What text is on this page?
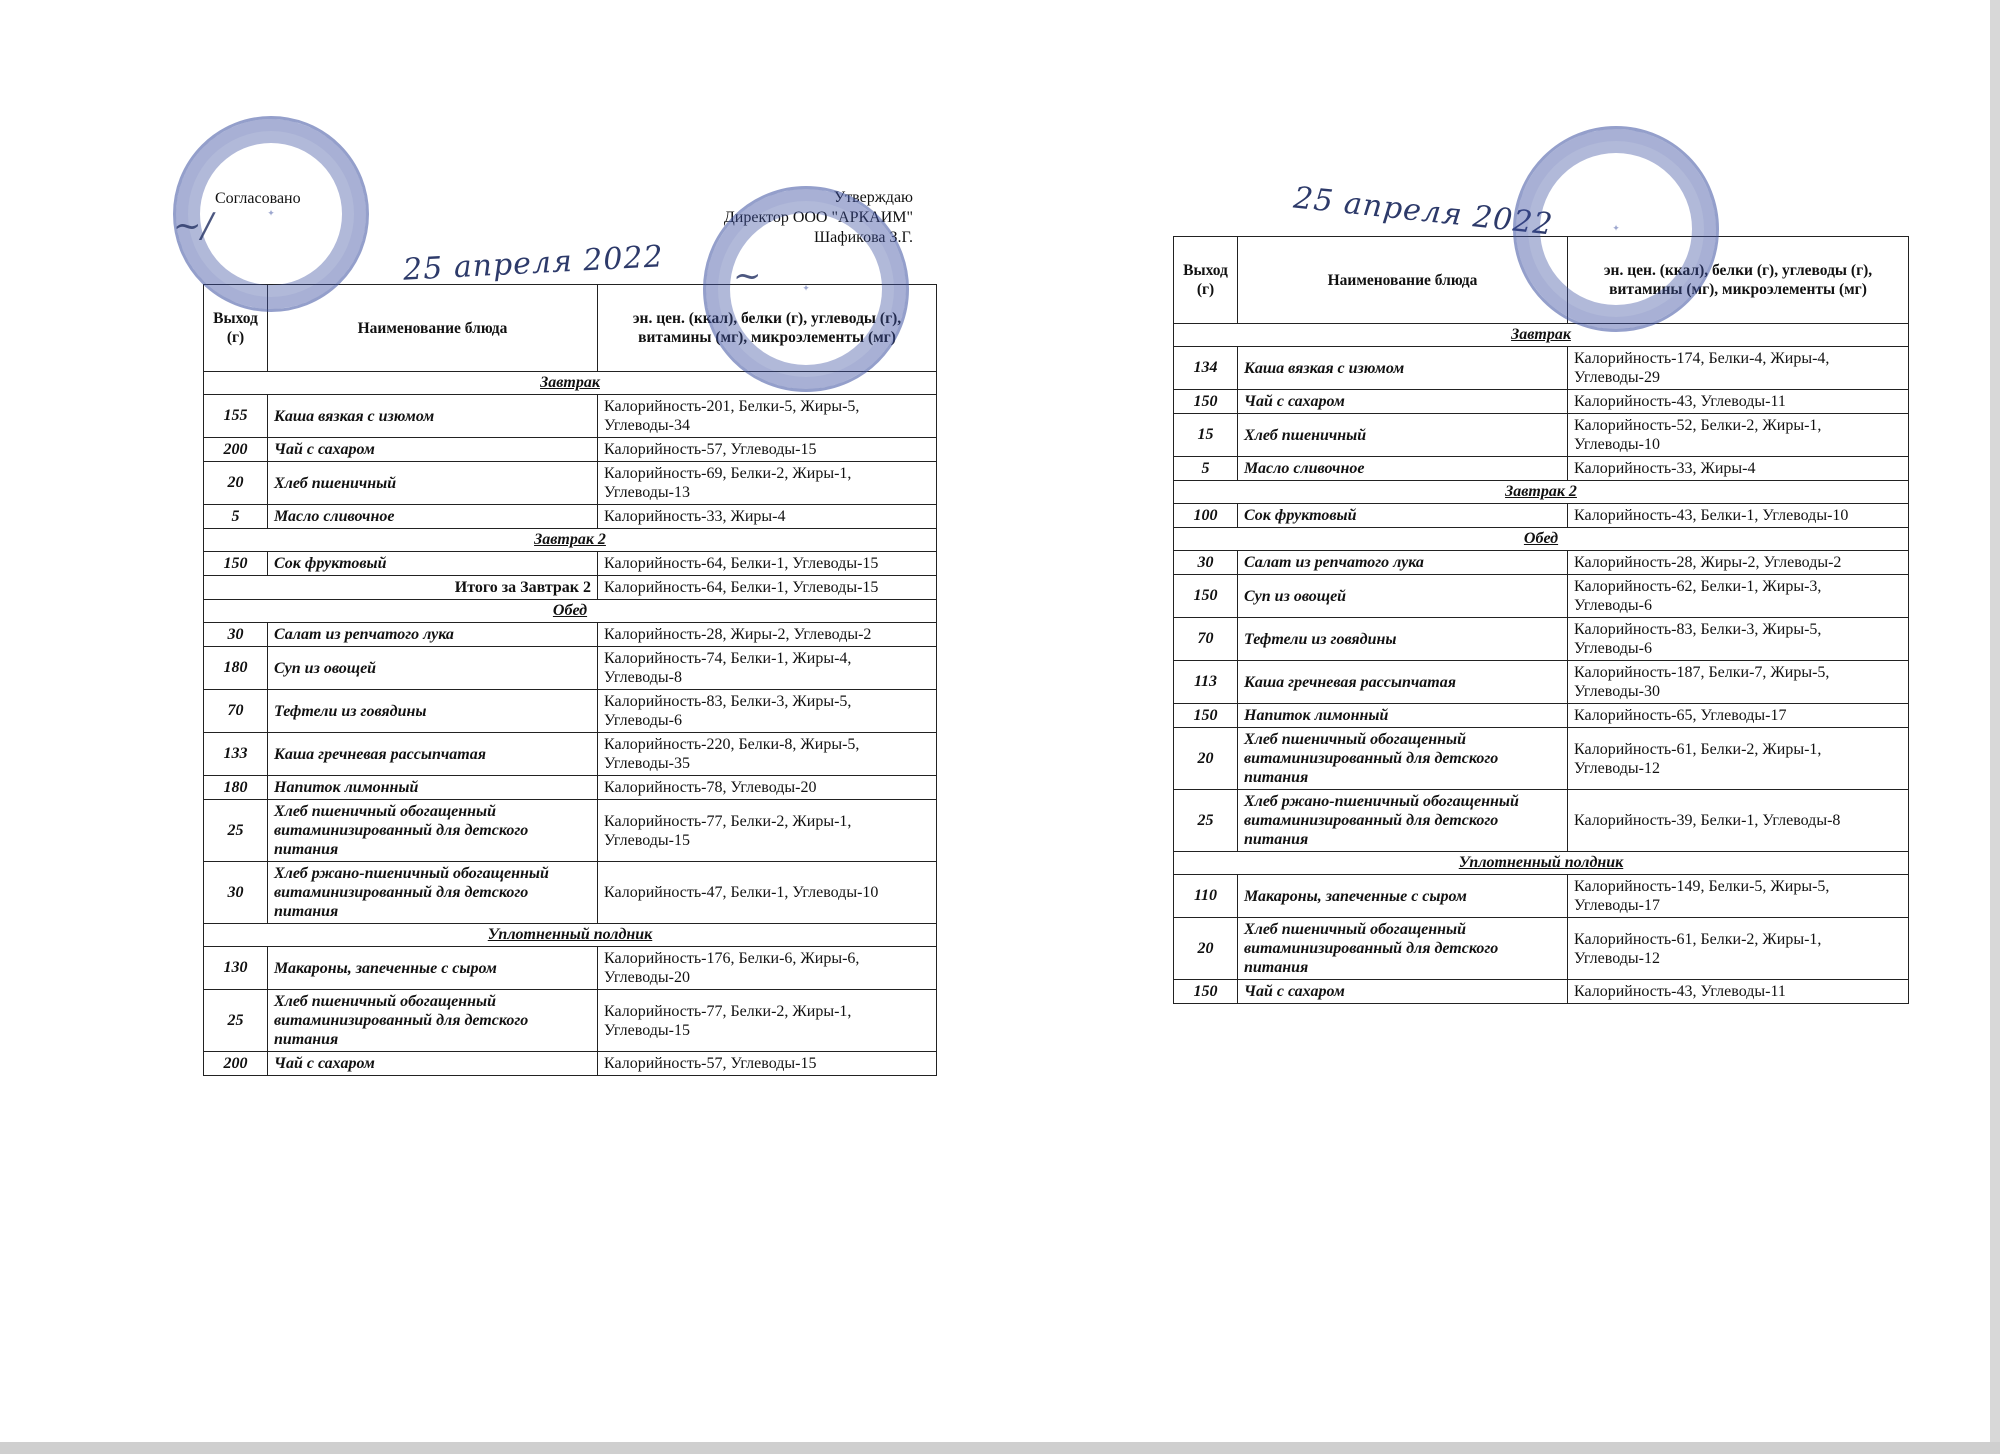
Согласовано	Утверждаю
Директор ООО "АРКАИМ"
Шафикова З.Г.
25 апреля 2022
✦
✦
~/
~
Выход (г)	Наименование блюда	эн. цен. (ккал), белки (г), углеводы (г), витамины (мг), микроэлементы (мг)
Завтрак		
155	Каша вязкая с изюмом	Калорийность-201, Белки-5, Жиры-5, Углеводы-34
200	Чай с сахаром	Калорийность-57, Углеводы-15
20	Хлеб пшеничный	Калорийность-69, Белки-2, Жиры-1, Углеводы-13
5	Масло сливочное	Калорийность-33, Жиры-4
Завтрак 2		
150	Сок фруктовый	Калорийность-64, Белки-1, Углеводы-15
Итого за Завтрак 2		Калорийность-64, Белки-1, Углеводы-15
Обед		
30	Салат из репчатого лука	Калорийность-28, Жиры-2, Углеводы-2
180	Суп из овощей	Калорийность-74, Белки-1, Жиры-4, Углеводы-8
70	Тефтели из говядины	Калорийность-83, Белки-3, Жиры-5, Углеводы-6
133	Каша гречневая рассыпчатая	Калорийность-220, Белки-8, Жиры-5, Углеводы-35
180	Напиток лимонный	Калорийность-78, Углеводы-20
25	Хлеб пшеничный обогащенный витаминизированный для детского питания	Калорийность-77, Белки-2, Жиры-1, Углеводы-15
30	Хлеб ржано-пшеничный обогащенный витаминизированный для детского питания	Калорийность-47, Белки-1, Углеводы-10
Уплотненный полдник		
130	Макароны, запеченные с сыром	Калорийность-176, Белки-6, Жиры-6, Углеводы-20
25	Хлеб пшеничный обогащенный витаминизированный для детского питания	Калорийность-77, Белки-2, Жиры-1, Углеводы-15
200	Чай с сахаром	Калорийность-57, Углеводы-15
25 апреля 2022	✦
Выход (г)	Наименование блюда	эн. цен. (ккал), белки (г), углеводы (г), витамины (мг), микроэлементы (мг)
Завтрак		
134	Каша вязкая с изюмом	Калорийность-174, Белки-4, Жиры-4, Углеводы-29
150	Чай с сахаром	Калорийность-43, Углеводы-11
15	Хлеб пшеничный	Калорийность-52, Белки-2, Жиры-1, Углеводы-10
5	Масло сливочное	Калорийность-33, Жиры-4
Завтрак 2		
100	Сок фруктовый	Калорийность-43, Белки-1, Углеводы-10
Обед		
30	Салат из репчатого лука	Калорийность-28, Жиры-2, Углеводы-2
150	Суп из овощей	Калорийность-62, Белки-1, Жиры-3, Углеводы-6
70	Тефтели из говядины	Калорийность-83, Белки-3, Жиры-5, Углеводы-6
113	Каша гречневая рассыпчатая	Калорийность-187, Белки-7, Жиры-5, Углеводы-30
150	Напиток лимонный	Калорийность-65, Углеводы-17
20	Хлеб пшеничный обогащенный витаминизированный для детского питания	Калорийность-61, Белки-2, Жиры-1, Углеводы-12
25	Хлеб ржано-пшеничный обогащенный витаминизированный для детского питания	Калорийность-39, Белки-1, Углеводы-8
Уплотненный полдник		
110	Макароны, запеченные с сыром	Калорийность-149, Белки-5, Жиры-5, Углеводы-17
20	Хлеб пшеничный обогащенный витаминизированный для детского питания	Калорийность-61, Белки-2, Жиры-1, Углеводы-12
150	Чай с сахаром	Калорийность-43, Углеводы-11
